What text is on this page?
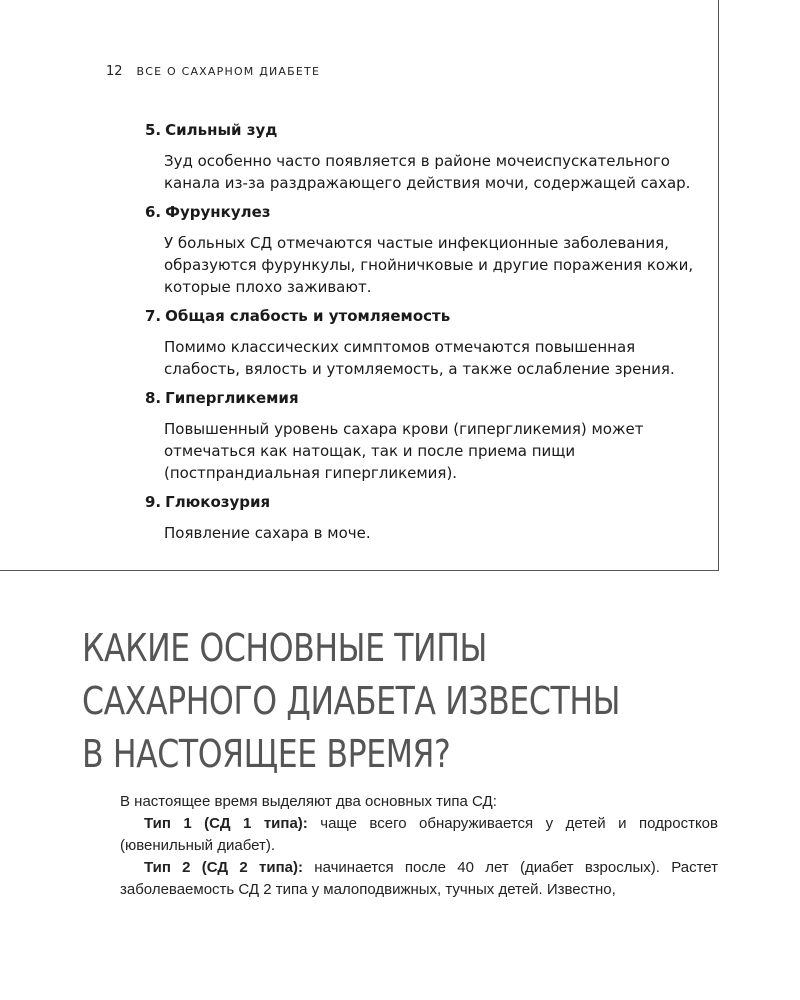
12 ВСЕ О САХАРНОМ ДИАБЕТЕ
5. Сильный зуд
Зуд особенно часто появляется в районе мочеиспускательного канала из-за раздражающего действия мочи, содержащей сахар.
6. Фурункулез
У больных СД отмечаются частые инфекционные заболевания, образуются фурункулы, гнойничковые и другие поражения кожи, которые плохо заживают.
7. Общая слабость и утомляемость
Помимо классических симптомов отмечаются повышенная слабость, вялость и утомляемость, а также ослабление зрения.
8. Гипергликемия
Повышенный уровень сахара крови (гипергликемия) может отмечаться как натощак, так и после приема пищи (постпрандиальная гипергликемия).
9. Глюкозурия
Появление сахара в моче.
КАКИЕ ОСНОВНЫЕ ТИПЫ САХАРНОГО ДИАБЕТА ИЗВЕСТНЫ В НАСТОЯЩЕЕ ВРЕМЯ?

В настоящее время выделяют два основных типа СД:

Тип 1 (СД 1 типа): чаще всего обнаруживается у детей и подростков (ювенильный диабет).

Тип 2 (СД 2 типа): начинается после 40 лет (диабет взрослых). Растет заболеваемость СД 2 типа у малоподвижных, тучных детей. Известно,
